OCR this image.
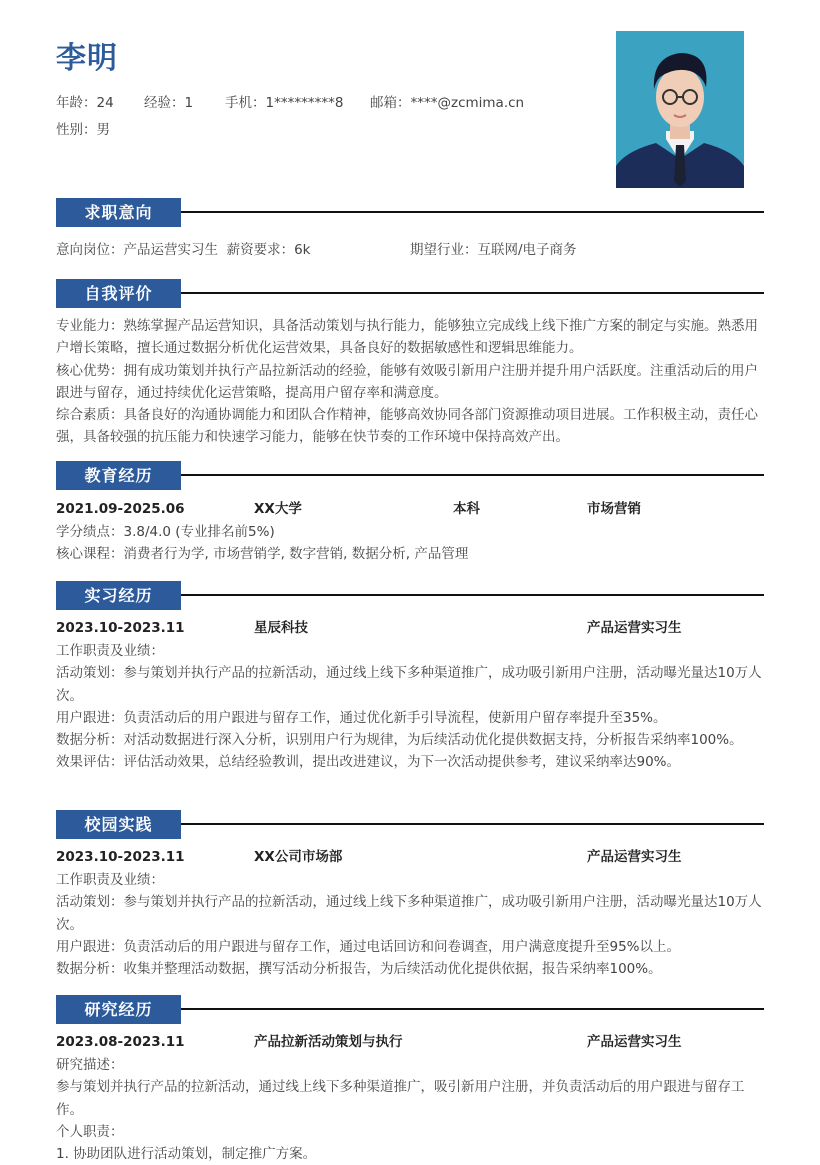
李明
年龄：24 经验：1 手机：1*********8 邮箱：****@zcmima.cn
性别：男
求职意向
意向岗位：产品运营实习生  薪资要求：6k	期望行业：互联网/电子商务
自我评价

专业能力：熟练掌握产品运营知识，具备活动策划与执行能力，能够独立完成线上线下推广方案的制定与实施。熟悉用户增长策略，擅长通过数据分析优化运营效果，具备良好的数据敏感性和逻辑思维能力。

核心优势：拥有成功策划并执行产品拉新活动的经验，能够有效吸引新用户注册并提升用户活跃度。注重活动后的用户跟进与留存，通过持续优化运营策略，提高用户留存率和满意度。

综合素质：具备良好的沟通协调能力和团队合作精神，能够高效协同各部门资源推动项目进展。工作积极主动，责任心强，具备较强的抗压能力和快速学习能力，能够在快节奏的工作环境中保持高效产出。

教育经历
2021.09-2025.06	XX大学	本科	市场营销

学分绩点：3.8/4.0 (专业排名前5%)

核心课程：消费者行为学, 市场营销学, 数字营销, 数据分析, 产品管理

实习经历
2023.10-2023.11	星辰科技	产品运营实习生

工作职责及业绩：

活动策划：参与策划并执行产品的拉新活动，通过线上线下多种渠道推广，成功吸引新用户注册，活动曝光量达10万人次。

用户跟进：负责活动后的用户跟进与留存工作，通过优化新手引导流程，使新用户留存率提升至35%。

数据分析：对活动数据进行深入分析，识别用户行为规律，为后续活动优化提供数据支持，分析报告采纳率100%。

效果评估：评估活动效果，总结经验教训，提出改进建议，为下一次活动提供参考，建议采纳率达90%。

校园实践
2023.10-2023.11	XX公司市场部	产品运营实习生

工作职责及业绩：

活动策划：参与策划并执行产品的拉新活动，通过线上线下多种渠道推广，成功吸引新用户注册，活动曝光量达10万人次。

用户跟进：负责活动后的用户跟进与留存工作，通过电话回访和问卷调查，用户满意度提升至95%以上。

数据分析：收集并整理活动数据，撰写活动分析报告，为后续活动优化提供依据，报告采纳率100%。

研究经历
2023.08-2023.11	产品拉新活动策划与执行	产品运营实习生

研究描述：

参与策划并执行产品的拉新活动，通过线上线下多种渠道推广，吸引新用户注册，并负责活动后的用户跟进与留存工作。

个人职责：

1. 协助团队进行活动策划，制定推广方案。
